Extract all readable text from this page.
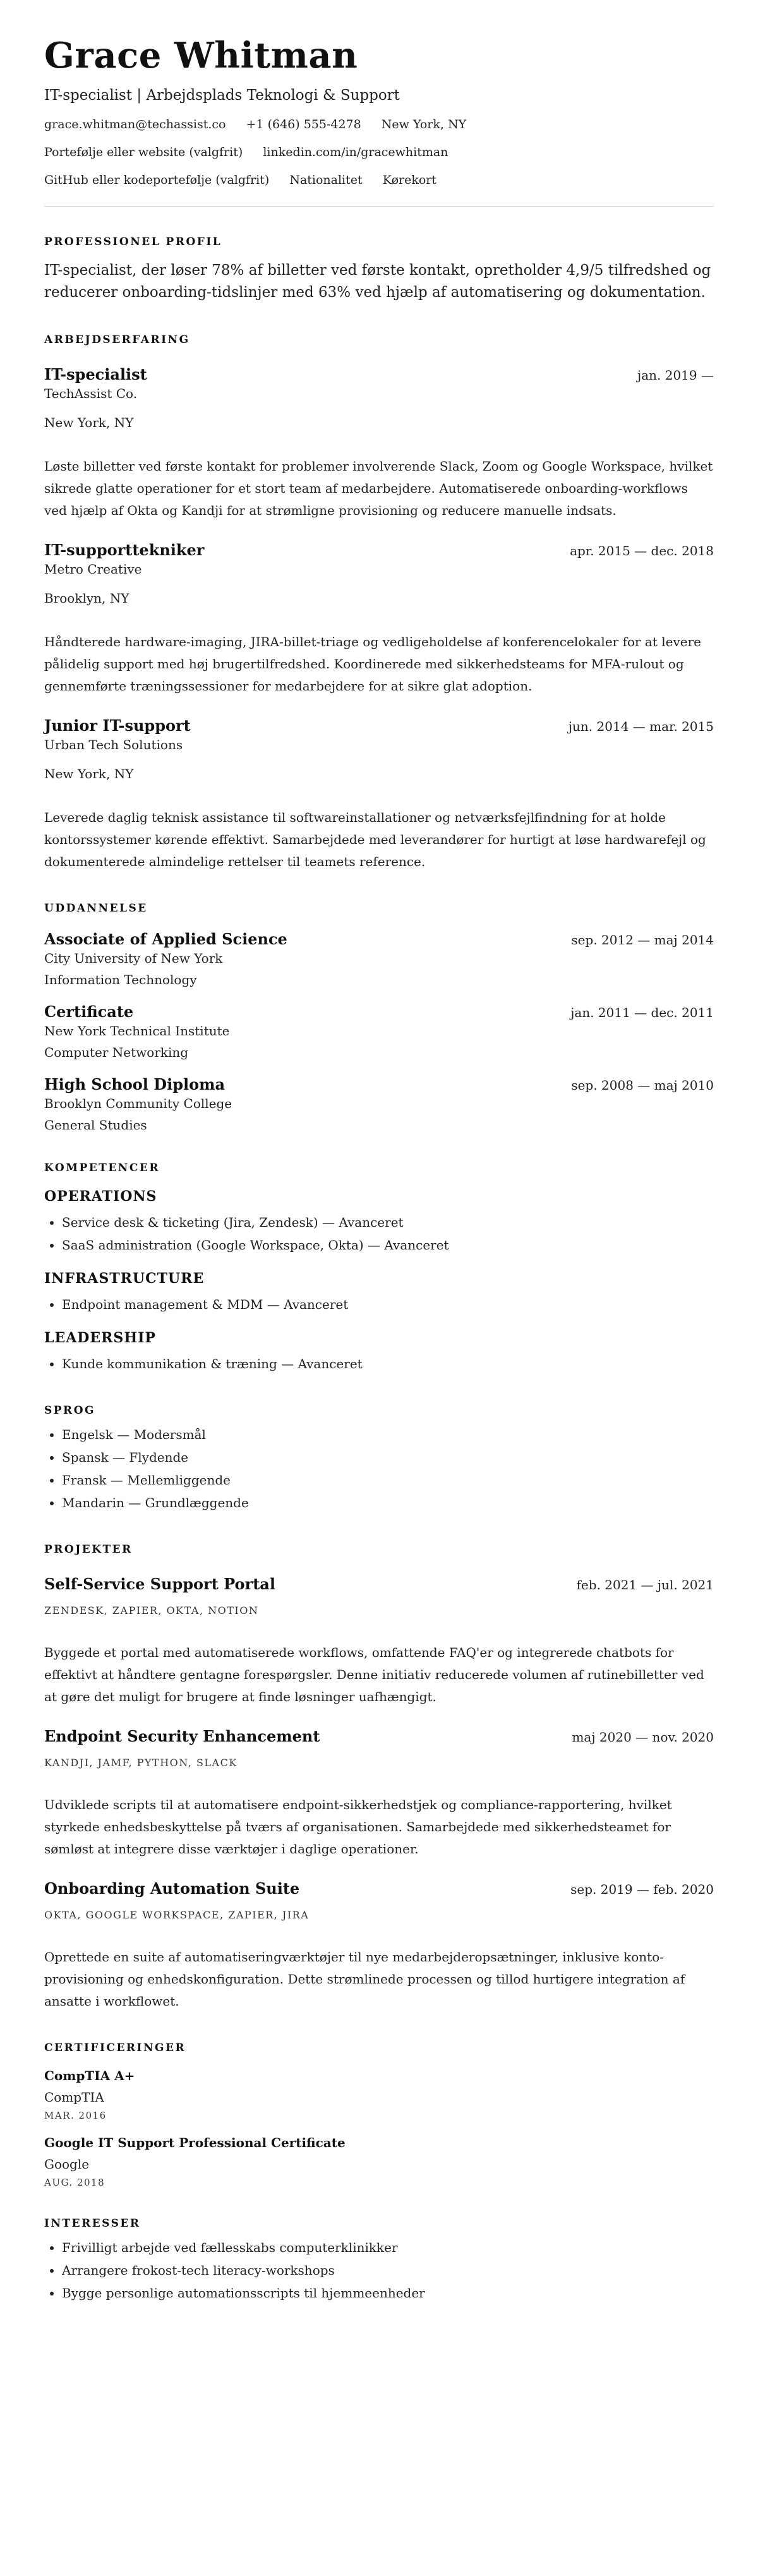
Grace Whitman
IT-specialist | Arbejdsplads Teknologi & Support
grace.whitman@techassist.co +1 (646) 555-4278 New York, NY
Portefølje eller website (valgfrit) linkedin.com/in/gracewhitman
GitHub eller kodeportefølje (valgfrit) Nationalitet Kørekort
PROFESSIONEL PROFIL

IT-specialist, der løser 78% af billetter ved første kontakt, opretholder 4,9/5 tilfredshed og reducerer onboarding-tidslinjer med 63% ved hjælp af automatisering og dokumentation.

ARBEJDSERFARING
IT-specialist	jan. 2019 —
TechAssist Co.
New York, NY

Løste billetter ved første kontakt for problemer involverende Slack, Zoom og Google Workspace, hvilket sikrede glatte operationer for et stort team af medarbejdere. Automatiserede onboarding-workflows ved hjælp af Okta og Kandji for at strømligne provisioning og reducere manuelle indsats.

IT-supporttekniker	apr. 2015 — dec. 2018
Metro Creative
Brooklyn, NY

Håndterede hardware-imaging, JIRA-billet-triage og vedligeholdelse af konferencelokaler for at levere pålidelig support med høj brugertilfredshed. Koordinerede med sikkerhedsteams for MFA-rulout og gennemførte træningssessioner for medarbejdere for at sikre glat adoption.

Junior IT-support	jun. 2014 — mar. 2015
Urban Tech Solutions
New York, NY

Leverede daglig teknisk assistance til softwareinstallationer og netværksfejlfindning for at holde kontorssystemer kørende effektivt. Samarbejdede med leverandører for hurtigt at løse hardwarefejl og dokumenterede almindelige rettelser til teamets reference.

UDDANNELSE
Associate of Applied Science	sep. 2012 — maj 2014
City University of New York
Information Technology
Certificate	jan. 2011 — dec. 2011
New York Technical Institute
Computer Networking
High School Diploma	sep. 2008 — maj 2010
Brooklyn Community College
General Studies
KOMPETENCER
OPERATIONS
• Service desk & ticketing (Jira, Zendesk) — Avanceret
• SaaS administration (Google Workspace, Okta) — Avanceret
INFRASTRUCTURE
• Endpoint management & MDM — Avanceret
LEADERSHIP
• Kunde kommunikation & træning — Avanceret
SPROG
• Engelsk — Modersmål
• Spansk — Flydende
• Fransk — Mellemliggende
• Mandarin — Grundlæggende
PROJEKTER
Self-Service Support Portal	feb. 2021 — jul. 2021
ZENDESK, ZAPIER, OKTA, NOTION

Byggede et portal med automatiserede workflows, omfattende FAQ'er og integrerede chatbots for effektivt at håndtere gentagne forespørgsler. Denne initiativ reducerede volumen af rutinebilletter ved at gøre det muligt for brugere at finde løsninger uafhængigt.

Endpoint Security Enhancement	maj 2020 — nov. 2020
KANDJI, JAMF, PYTHON, SLACK

Udviklede scripts til at automatisere endpoint-sikkerhedstjek og compliance-rapportering, hvilket styrkede enhedsbeskyttelse på tværs af organisationen. Samarbejdede med sikkerhedsteamet for sømløst at integrere disse værktøjer i daglige operationer.

Onboarding Automation Suite	sep. 2019 — feb. 2020
OKTA, GOOGLE WORKSPACE, ZAPIER, JIRA

Oprettede en suite af automatiseringværktøjer til nye medarbejderopsætninger, inklusive konto-provisioning og enhedskonfiguration. Dette strømlinede processen og tillod hurtigere integration af ansatte i workflowet.

CERTIFICERINGER
CompTIA A+
CompTIA
MAR. 2016
Google IT Support Professional Certificate
Google
AUG. 2018
INTERESSER
• Frivilligt arbejde ved fællesskabs computerklinikker
• Arrangere frokost-tech literacy-workshops
• Bygge personlige automationsscripts til hjemmeenheder
